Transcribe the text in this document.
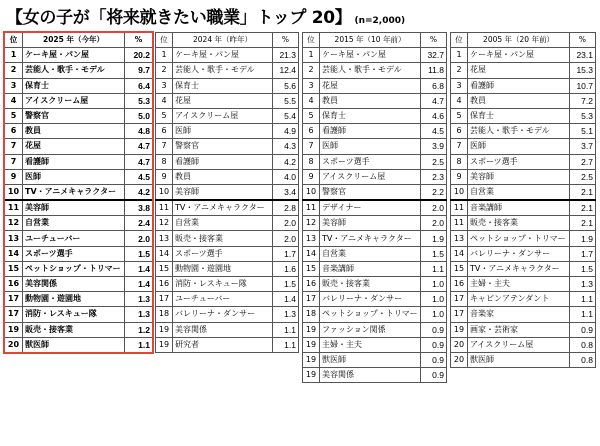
【女の子が「将来就きたい職業」トップ 20】 (n=2,000)
位	2025 年（今年）	%
1	ケーキ屋・パン屋	20.2
2	芸能人・歌手・モデル	9.7
3	保育士	6.4
4	アイスクリーム屋	5.3
5	警察官	5.0
6	教員	4.8
7	花屋	4.7
7	看護師	4.7
9	医師	4.5
10	TV・アニメキャラクター	4.2
11	美容師	3.8
12	自営業	2.4
13	ユーチューバー	2.0
14	スポーツ選手	1.5
15	ペットショップ・トリマー	1.4
16	美容関係	1.4
17	動物園・遊園地	1.3
17	消防・レスキュー隊	1.3
19	販売・接客業	1.2
20	獣医師	1.1
位	2024 年（昨年）	%
1	ケーキ屋・パン屋	21.3
2	芸能人・歌手・モデル	12.4
3	保育士	5.6
4	花屋	5.5
5	アイスクリーム屋	5.4
6	医師	4.9
7	警察官	4.3
8	看護師	4.2
9	教員	4.0
10	美容師	3.4
11	TV・アニメキャラクター	2.8
12	自営業	2.0
13	販売・接客業	2.0
14	スポーツ選手	1.7
15	動物園・遊園地	1.6
16	消防・レスキュー隊	1.5
17	ユーチューバー	1.4
18	バレリーナ・ダンサー	1.3
19	美容関係	1.1
19	研究者	1.1
位	2015 年（10 年前）	%
1	ケーキ屋・パン屋	32.7
2	芸能人・歌手・モデル	11.8
3	花屋	6.8
4	教員	4.7
5	保育士	4.6
6	看護師	4.5
7	医師	3.9
8	スポーツ選手	2.5
9	アイスクリーム屋	2.3
10	警察官	2.2
11	デザイナー	2.0
12	美容師	2.0
13	TV・アニメキャラクター	1.9
14	自営業	1.5
15	音楽講師	1.1
16	販売・接客業	1.0
17	バレリーナ・ダンサー	1.0
18	ペットショップ・トリマー	1.0
19	ファッション関係	0.9
19	主婦・主夫	0.9
19	獣医師	0.9
19	美容関係	0.9
位	2005 年（20 年前）	%
1	ケーキ屋・パン屋	23.1
2	花屋	15.3
3	看護師	10.7
4	教員	7.2
5	保育士	5.3
6	芸能人・歌手・モデル	5.1
7	医師	3.7
8	スポーツ選手	2.7
9	美容師	2.5
10	自営業	2.1
11	音楽講師	2.1
11	販売・接客業	2.1
13	ペットショップ・トリマー	1.9
14	バレリーナ・ダンサー	1.7
15	TV・アニメキャラクター	1.5
16	主婦・主夫	1.3
17	キャビンアテンダント	1.1
17	音楽家	1.1
19	画家・芸術家	0.9
20	アイスクリーム屋	0.8
20	獣医師	0.8
